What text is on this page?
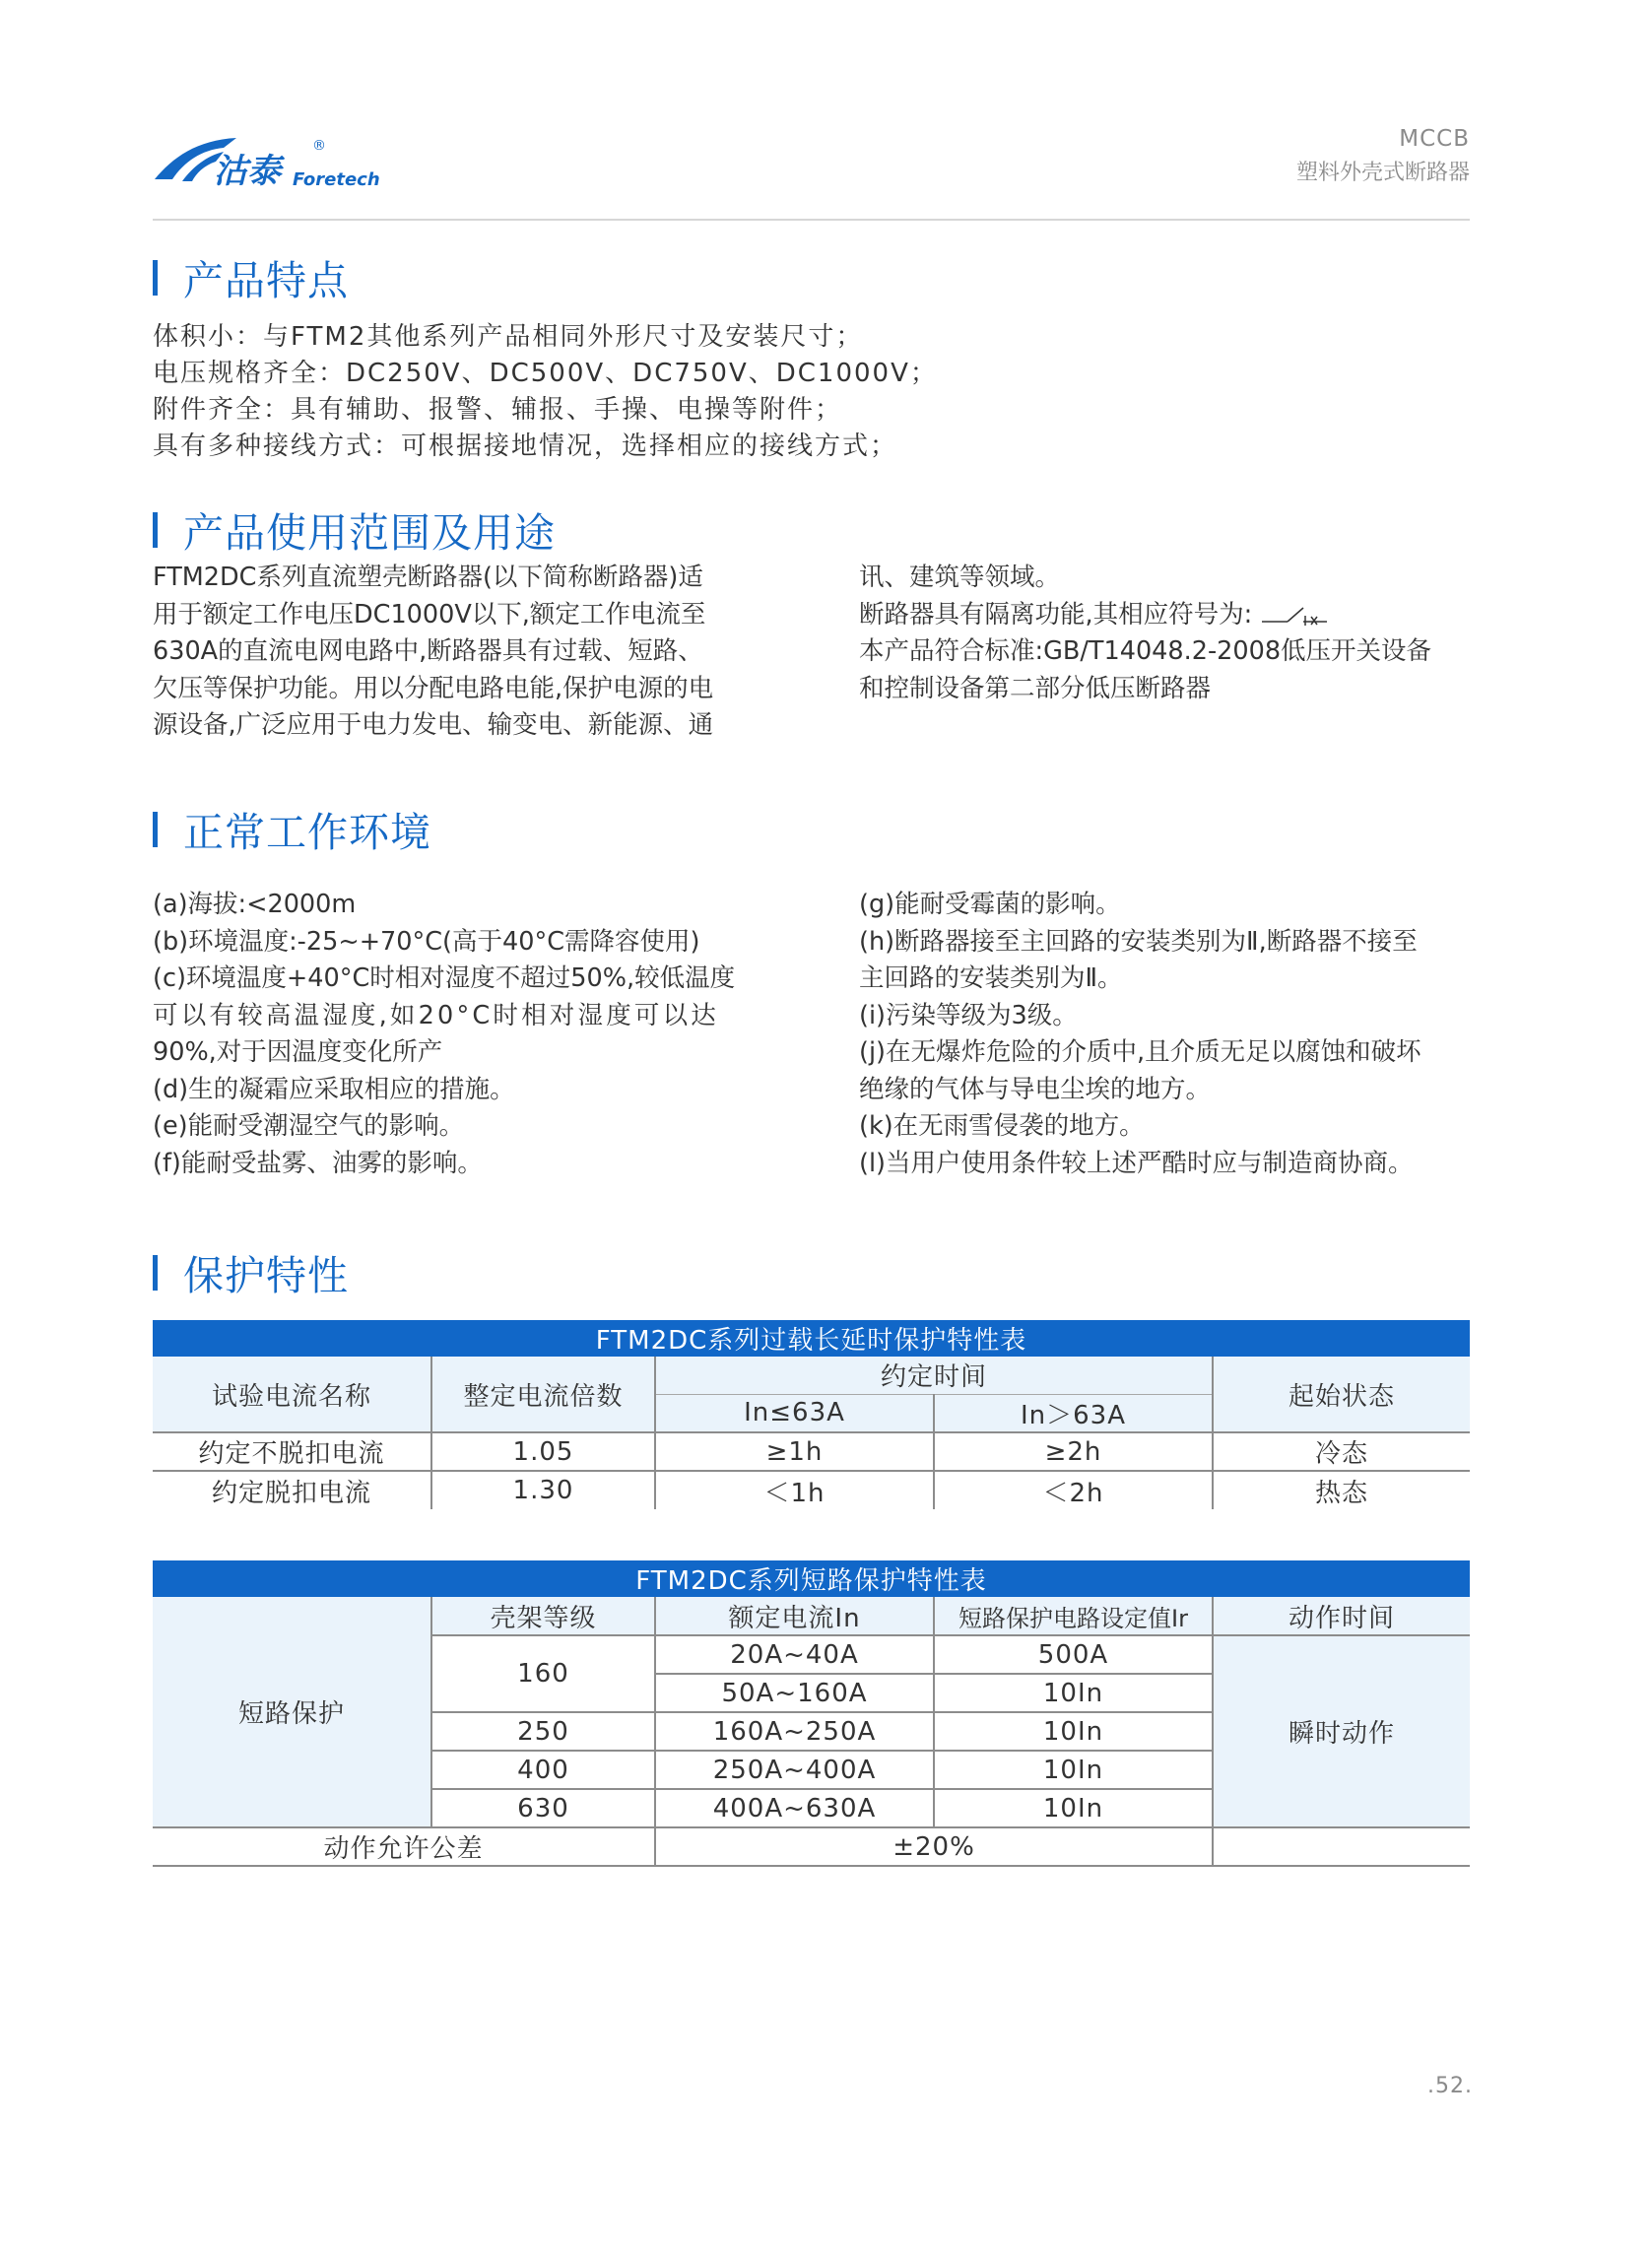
沽泰 Foretech
®	MCCB
塑料外壳式断路器
产品特点
体积小：与FTM2其他系列产品相同外形尺寸及安装尺寸；
电压规格齐全：DC250V、DC500V、DC750V、DC1000V；
附件齐全：具有辅助、报警、辅报、手操、电操等附件；
具有多种接线方式：可根据接地情况，选择相应的接线方式；
产品使用范围及用途
FTM2DC系列直流塑壳断路器(以下简称断路器)适
用于额定工作电压DC1000V以下,额定工作电流至
630A的直流电网电路中,断路器具有过载、短路、
欠压等保护功能。用以分配电路电能,保护电源的电
源设备,广泛应用于电力发电、输变电、新能源、通
讯、建筑等领域。
断路器具有隔离功能,其相应符号为:
本产品符合标准:GB/T14048.2-2008低压开关设备
和控制设备第二部分低压断路器
正常工作环境
(a)海拔:<2000m
(b)环境温度:-25~+70°C(高于40°C需降容使用)
(c)环境温度+40°C时相对湿度不超过50%,较低温度
可以有较高温湿度,如20°C时相对湿度可以达
90%,对于因温度变化所产
(d)生的凝霜应采取相应的措施。
(e)能耐受潮湿空气的影响。
(f)能耐受盐雾、油雾的影响。
(g)能耐受霉菌的影响。
(h)断路器接至主回路的安装类别为Ⅱ,断路器不接至
主回路的安装类别为Ⅱ。
(i)污染等级为3级。
(j)在无爆炸危险的介质中,且介质无足以腐蚀和破坏
绝缘的气体与导电尘埃的地方。
(k)在无雨雪侵袭的地方。
(l)当用户使用条件较上述严酷时应与制造商协商。
保护特性
FTM2DC系列过载长延时保护特性表				
试验电流名称	整定电流倍数	约定时间		起始状态
		In≤63A	In＞63A	
约定不脱扣电流	1.05	≥1h	≥2h	冷态
约定脱扣电流	1.30	＜1h	＜2h	热态
FTM2DC系列短路保护特性表				
短路保护	壳架等级	额定电流In	短路保护电路设定值Ir	动作时间
	160	20A~40A	500A	瞬时动作
		50A~160A	10In	
	250	160A~250A	10In	
	400	250A~400A	10In	
	630	400A~630A	10In	
动作允许公差		±20%		
.52.
